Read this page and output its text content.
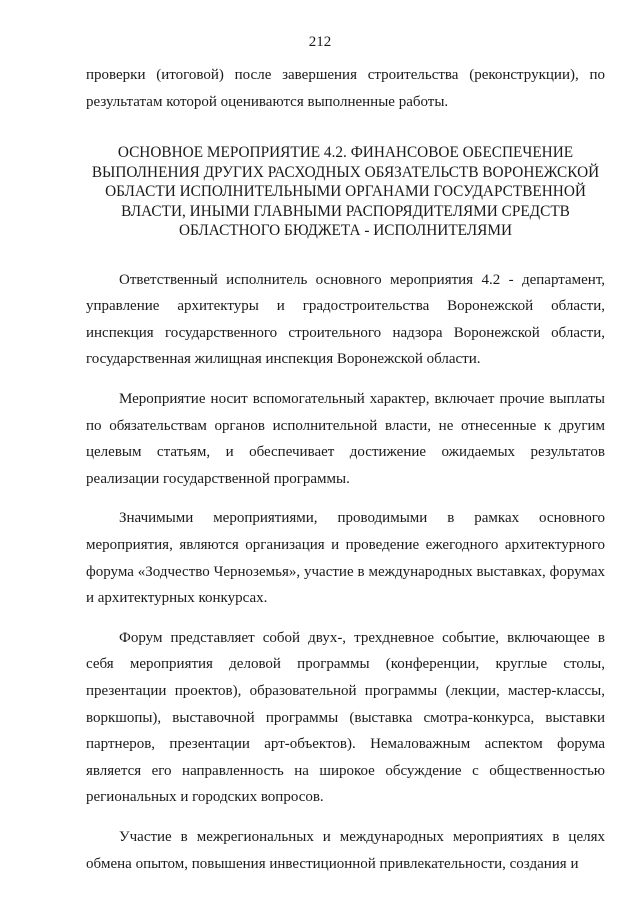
212

проверки (итоговой) после завершения строительства (реконструкции), по результатам которой оцениваются выполненные работы.

ОСНОВНОЕ МЕРОПРИЯТИЕ 4.2. ФИНАНСОВОЕ ОБЕСПЕЧЕНИЕ
ВЫПОЛНЕНИЯ ДРУГИХ РАСХОДНЫХ ОБЯЗАТЕЛЬСТВ ВОРОНЕЖСКОЙ
ОБЛАСТИ ИСПОЛНИТЕЛЬНЫМИ ОРГАНАМИ ГОСУДАРСТВЕННОЙ
ВЛАСТИ, ИНЫМИ ГЛАВНЫМИ РАСПОРЯДИТЕЛЯМИ СРЕДСТВ
ОБЛАСТНОГО БЮДЖЕТА - ИСПОЛНИТЕЛЯМИ

Ответственный исполнитель основного мероприятия 4.2 - департамент, управление архитектуры и градостроительства Воронежской области, инспекция государственного строительного надзора Воронежской области, государственная жилищная инспекция Воронежской области.

Мероприятие носит вспомогательный характер, включает прочие выплаты по обязательствам органов исполнительной власти, не отнесенные к другим целевым статьям, и обеспечивает достижение ожидаемых результатов реализации государственной программы.

Значимыми мероприятиями, проводимыми в рамках основного мероприятия, являются организация и проведение ежегодного архитектурного форума «Зодчество Черноземья», участие в международных выставках, форумах и архитектурных конкурсах.

Форум представляет собой двух-, трехдневное событие, включающее в себя мероприятия деловой программы (конференции, круглые столы, презентации проектов), образовательной программы (лекции, мастер-классы, воркшопы), выставочной программы (выставка смотра-конкурса, выставки партнеров, презентации арт-объектов). Немаловажным аспектом форума является его направленность на широкое обсуждение с общественностью региональных и городских вопросов.

Участие в межрегиональных и международных мероприятиях в целях обмена опытом, повышения инвестиционной привлекательности, создания и
